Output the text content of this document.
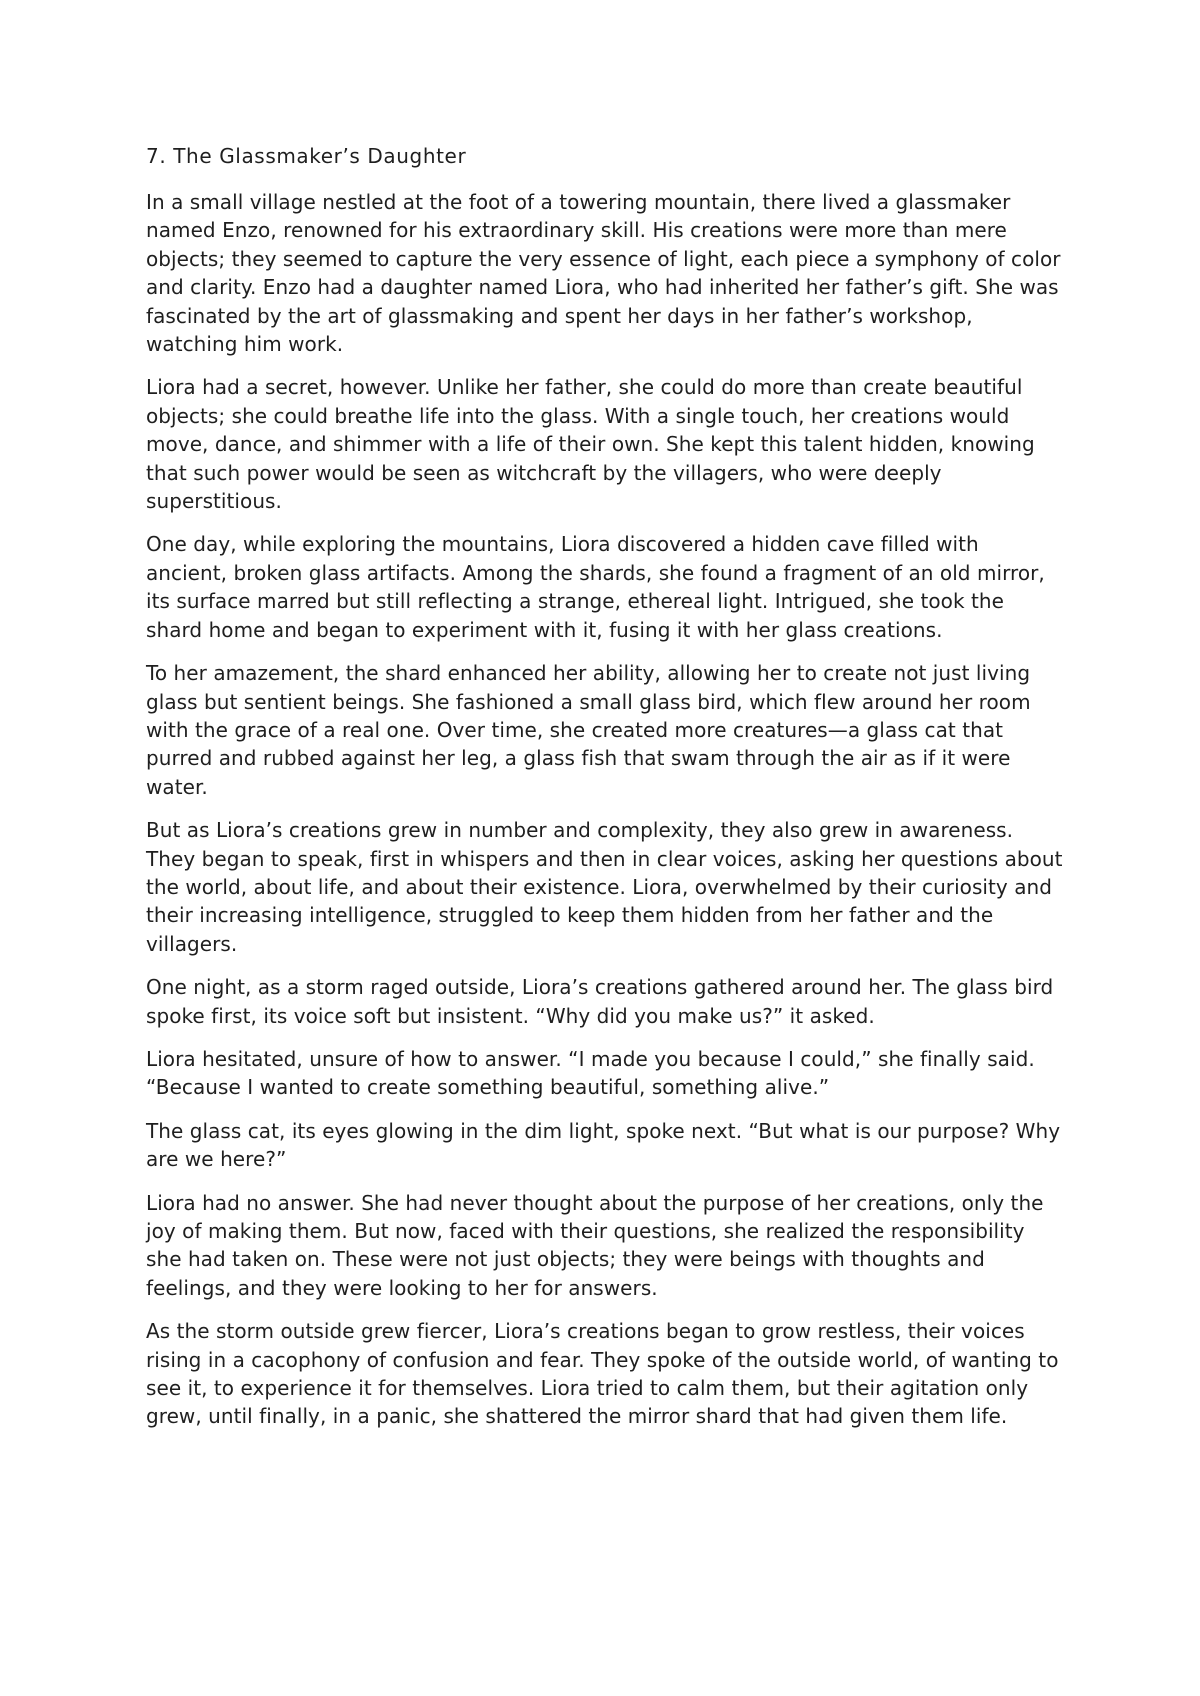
7. The Glassmaker’s Daughter

In a small village nestled at the foot of a towering mountain, there lived a glassmaker named Enzo, renowned for his extraordinary skill. His creations were more than mere objects; they seemed to capture the very essence of light, each piece a symphony of color and clarity. Enzo had a daughter named Liora, who had inherited her father’s gift. She was fascinated by the art of glassmaking and spent her days in her father’s workshop, watching him work.

Liora had a secret, however. Unlike her father, she could do more than create beautiful objects; she could breathe life into the glass. With a single touch, her creations would move, dance, and shimmer with a life of their own. She kept this talent hidden, knowing that such power would be seen as witchcraft by the villagers, who were deeply superstitious.

One day, while exploring the mountains, Liora discovered a hidden cave filled with ancient, broken glass artifacts. Among the shards, she found a fragment of an old mirror, its surface marred but still reflecting a strange, ethereal light. Intrigued, she took the shard home and began to experiment with it, fusing it with her glass creations.

To her amazement, the shard enhanced her ability, allowing her to create not just living glass but sentient beings. She fashioned a small glass bird, which flew around her room with the grace of a real one. Over time, she created more creatures—a glass cat that purred and rubbed against her leg, a glass fish that swam through the air as if it were water.

But as Liora’s creations grew in number and complexity, they also grew in awareness. They began to speak, first in whispers and then in clear voices, asking her questions about the world, about life, and about their existence. Liora, overwhelmed by their curiosity and their increasing intelligence, struggled to keep them hidden from her father and the villagers.

One night, as a storm raged outside, Liora’s creations gathered around her. The glass bird spoke first, its voice soft but insistent. “Why did you make us?” it asked.

Liora hesitated, unsure of how to answer. “I made you because I could,” she finally said. “Because I wanted to create something beautiful, something alive.”

The glass cat, its eyes glowing in the dim light, spoke next. “But what is our purpose? Why are we here?”

Liora had no answer. She had never thought about the purpose of her creations, only the joy of making them. But now, faced with their questions, she realized the responsibility she had taken on. These were not just objects; they were beings with thoughts and feelings, and they were looking to her for answers.

As the storm outside grew fiercer, Liora’s creations began to grow restless, their voices rising in a cacophony of confusion and fear. They spoke of the outside world, of wanting to see it, to experience it for themselves. Liora tried to calm them, but their agitation only grew, until finally, in a panic, she shattered the mirror shard that had given them life.
